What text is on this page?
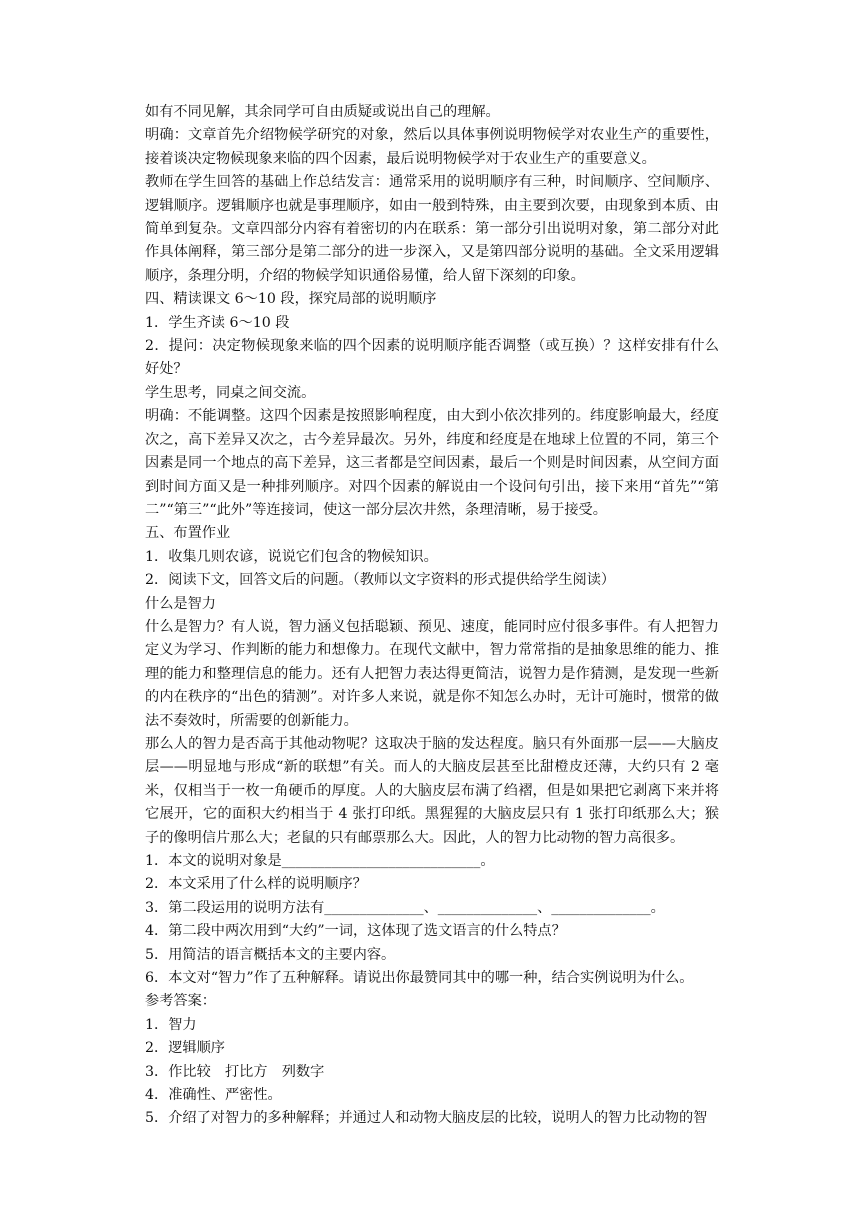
如有不同见解，其余同学可自由质疑或说出自己的理解。

明确：文章首先介绍物候学研究的对象，然后以具体事例说明物候学对农业生产的重要性，接着谈决定物候现象来临的四个因素，最后说明物候学对于农业生产的重要意义。

教师在学生回答的基础上作总结发言：通常采用的说明顺序有三种，时间顺序、空间顺序、逻辑顺序。逻辑顺序也就是事理顺序，如由一般到特殊，由主要到次要，由现象到本质、由简单到复杂。文章四部分内容有着密切的内在联系：第一部分引出说明对象，第二部分对此作具体阐释，第三部分是第二部分的进一步深入，又是第四部分说明的基础。全文采用逻辑顺序，条理分明，介绍的物候学知识通俗易懂，给人留下深刻的印象。

四、精读课文 6～10 段，探究局部的说明顺序

1．学生齐读 6～10 段

2．提问：决定物候现象来临的四个因素的说明顺序能否调整（或互换）？这样安排有什么好处？

学生思考，同桌之间交流。

明确：不能调整。这四个因素是按照影响程度，由大到小依次排列的。纬度影响最大，经度次之，高下差异又次之，古今差异最次。另外，纬度和经度是在地球上位置的不同，第三个因素是同一个地点的高下差异，这三者都是空间因素，最后一个则是时间因素，从空间方面到时间方面又是一种排列顺序。对四个因素的解说由一个设问句引出，接下来用“首先”“第二”“第三”“此外”等连接词，使这一部分层次井然，条理清晰，易于接受。

五、布置作业

1．收集几则农谚，说说它们包含的物候知识。

2．阅读下文，回答文后的问题。（教师以文字资料的形式提供给学生阅读）

什么是智力

什么是智力？有人说，智力涵义包括聪颖、预见、速度，能同时应付很多事件。有人把智力定义为学习、作判断的能力和想像力。在现代文献中，智力常常指的是抽象思维的能力、推理的能力和整理信息的能力。还有人把智力表达得更简洁，说智力是作猜测，是发现一些新的内在秩序的“出色的猜测”。对许多人来说，就是你不知怎么办时，无计可施时，惯常的做法不奏效时，所需要的创新能力。

那么人的智力是否高于其他动物呢？这取决于脑的发达程度。脑只有外面那一层——大脑皮层——明显地与形成“新的联想”有关。而人的大脑皮层甚至比甜橙皮还薄，大约只有 2 毫米，仅相当于一枚一角硬币的厚度。人的大脑皮层布满了绉褶，但是如果把它剥离下来并将它展开，它的面积大约相当于 4 张打印纸。黑猩猩的大脑皮层只有 1 张打印纸那么大；猴子的像明信片那么大；老鼠的只有邮票那么大。因此，人的智力比动物的智力高很多。

1．本文的说明对象是____________________________。

2．本文采用了什么样的说明顺序？

3．第二段运用的说明方法有______________、______________、______________。

4．第二段中两次用到“大约”一词，这体现了选文语言的什么特点？

5．用简洁的语言概括本文的主要内容。

6．本文对“智力”作了五种解释。请说出你最赞同其中的哪一种，结合实例说明为什么。

参考答案：

1．智力

2．逻辑顺序

3．作比较　打比方　列数字

4．准确性、严密性。

5．介绍了对智力的多种解释；并通过人和动物大脑皮层的比较，说明人的智力比动物的智
